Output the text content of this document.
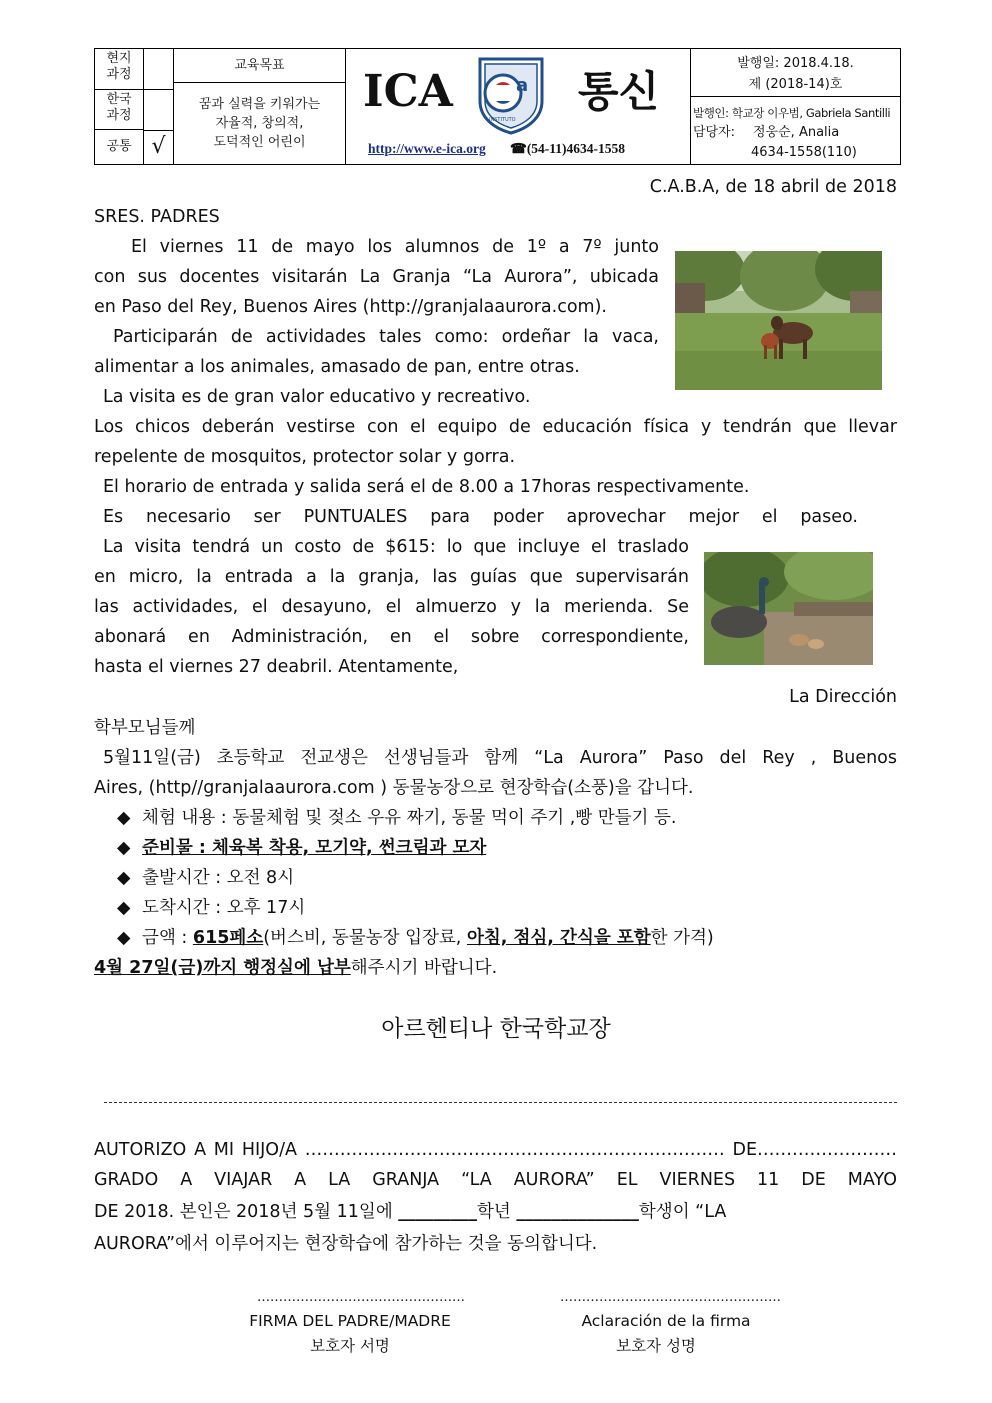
현지
과정
한국
과정
공통 √
교육목표
꿈과 실력을 키워가는
자율적, 창의적,
도덕적인 어린이
ICA	a
INSTITUTO
통신
http://www.e-ica.org ☎(54-11)4634-1558
발행일: 2018.4.18.
제 (2018-14)호
발행인: 학교장 이우범, Gabriela Santilli
담당자: 정웅순, Analia
4634-1558(110)
C.A.B.A, de 18 abril de 2018
SRES. PADRES
El viernes 11 de mayo los alumnos de 1º a 7º junto
con sus docentes visitarán La Granja “La Aurora”, ubicada
en Paso del Rey, Buenos Aires (http://granjalaaurora.com).
Participarán de actividades tales como: ordeñar la vaca,
alimentar a los animales, amasado de pan, entre otras.
La visita es de gran valor educativo y recreativo.
Los chicos deberán vestirse con el equipo de educación física y tendrán que llevar
repelente de mosquitos, protector solar y gorra.
El horario de entrada y salida será el de 8.00 a 17horas respectivamente.
Es necesario ser PUNTUALES para poder aprovechar mejor el paseo.
La visita tendrá un costo de $615: lo que incluye el traslado
en micro, la entrada a la granja, las guías que supervisarán
las actividades, el desayuno, el almuerzo y la merienda. Se
abonará en Administración, en el sobre correspondiente,
hasta el viernes 27 deabril. Atentamente,
La Dirección
학부모님들께
5월11일(금) 초등학교 전교생은 선생님들과 함께 “La Aurora” Paso del Rey , Buenos
Aires, (http//granjalaaurora.com ) 동물농장으로 현장학습(소풍)을 갑니다.
◆ 체험 내용 : 동물체험 및 젖소 우유 짜기, 동물 먹이 주기 ,빵 만들기 등.
◆ 준비물 : 체육복 착용, 모기약, 썬크림과 모자
◆ 출발시간 : 오전 8시
◆ 도착시간 : 오후 17시
◆ 금액 : 615페소(버스비, 동물농장 입장료, 아침, 점심, 간식을 포함한 가격)
4월 27일(금)까지 행정실에 납부해주시기 바랍니다.
아르헨티나 한국학교장
AUTORIZO A MI HIJO/A ……………………………………………………………… DE……………………
GRADO A VIAJAR A LA GRANJA “LA AURORA” EL VIERNES 11 DE MAYO
DE 2018. 본인은 2018년 5월 11일에 _________학년 ______________학생이 “LA
AURORA”에서 이루어지는 현장학습에 참가하는 것을 동의합니다.
…………………………………………
FIRMA DEL PADRE/MADRE
보호자 서명
……………………………………………
Aclaración de la firma
보호자 성명
